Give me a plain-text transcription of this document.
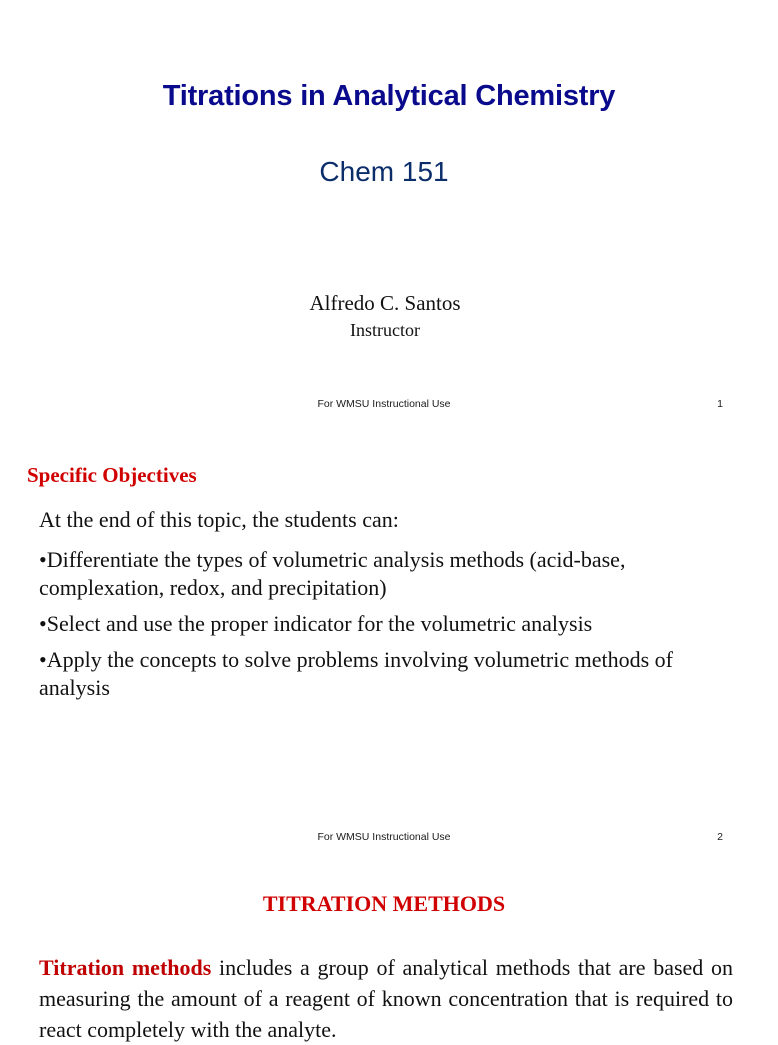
Titrations in Analytical Chemistry
Chem 151
Alfredo C. Santos
Instructor
For WMSU Instructional Use	1
Specific Objectives

At the end of this topic, the students can:

•Differentiate the types of volumetric analysis methods (acid-base, complexation, redox, and precipitation)

•Select and use the proper indicator for the volumetric analysis

•Apply the concepts to solve problems involving volumetric methods of analysis

For WMSU Instructional Use	2
TITRATION METHODS
Titration methods includes a group of analytical methods that are based on measuring the amount of a reagent of known concentration that is required to react completely with the analyte.
